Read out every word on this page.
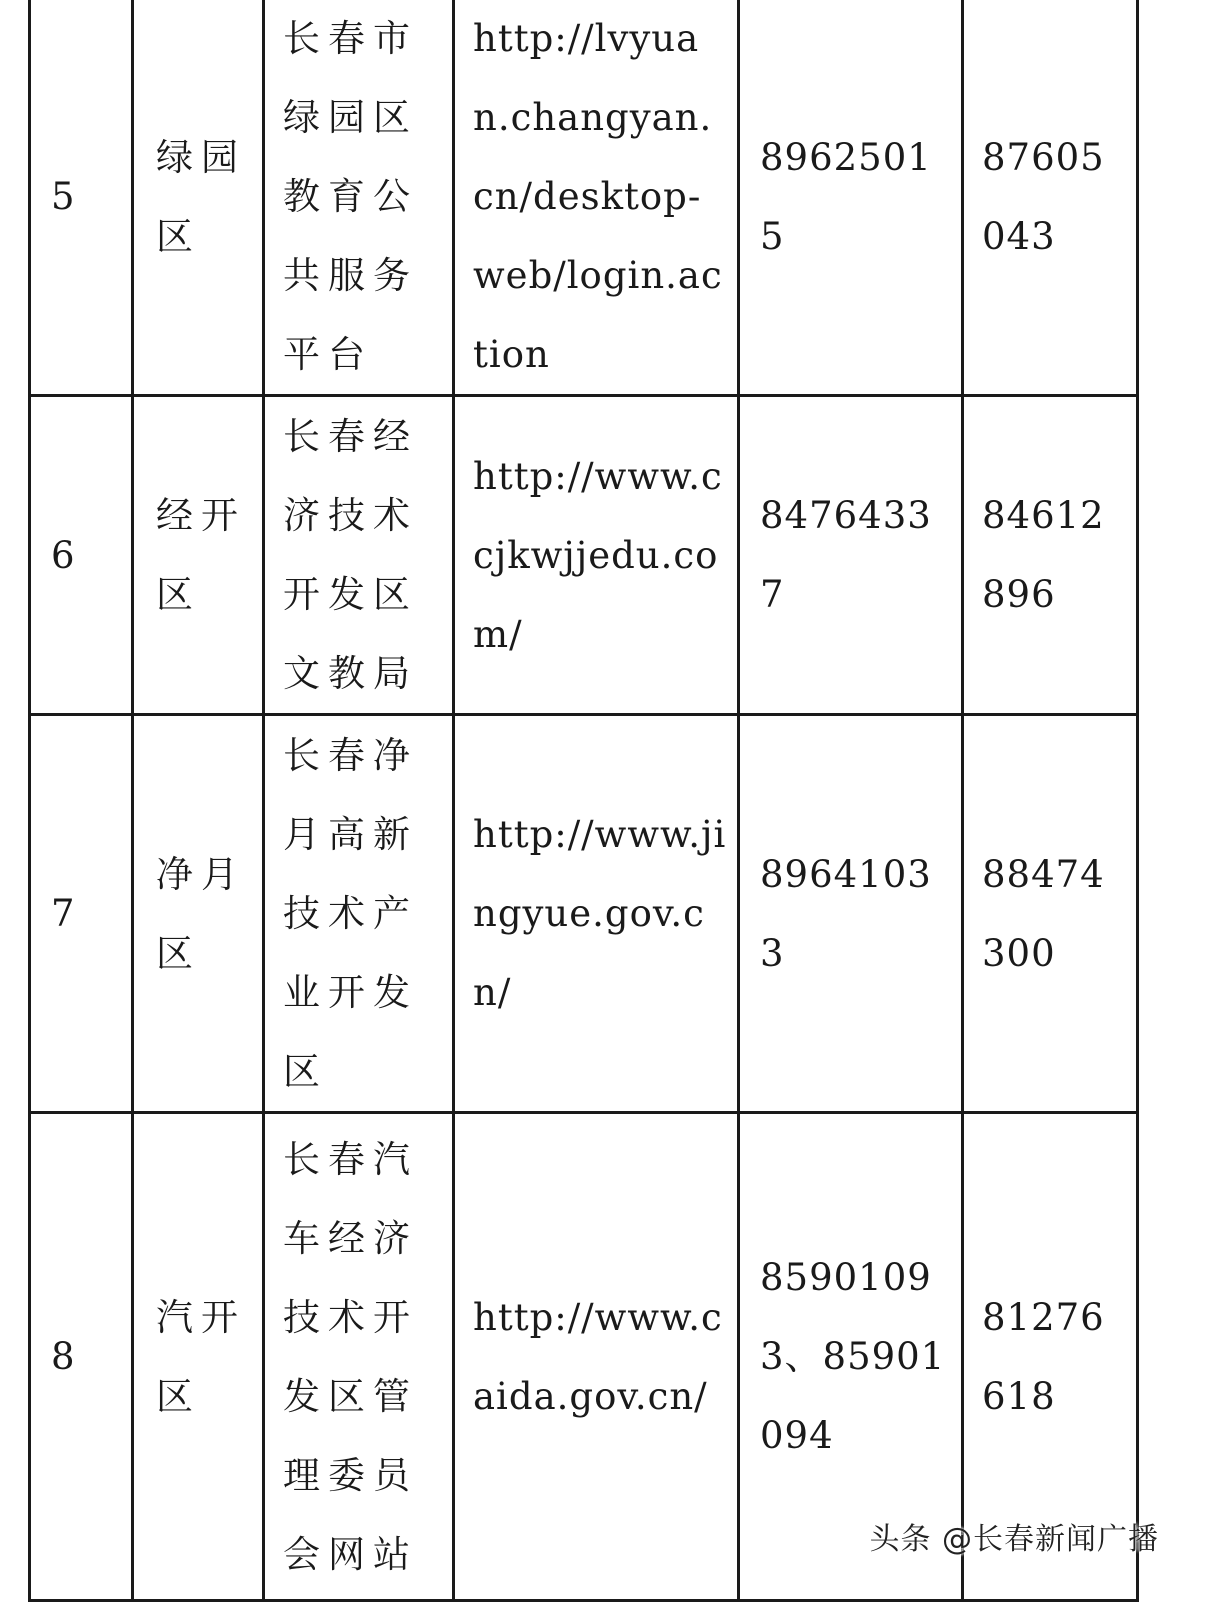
5	绿园区	长春市绿园区教育公共服务平台	http://lvyuan.changyan.cn/desktop-web/login.action	89625015	87605043

6	经开区	长春经济技术开发区文教局	http://www.ccjkwjjedu.com/	84764337	84612896

7	净月区	长春净月高新技术产业开发区	http://www.jingyue.gov.cn/	89641033	88474300

8	汽开区	长春汽车经济技术开发区管理委员会网站	http://www.caida.gov.cn/	85901093、85901094	81276618
头条 @长春新闻广播
